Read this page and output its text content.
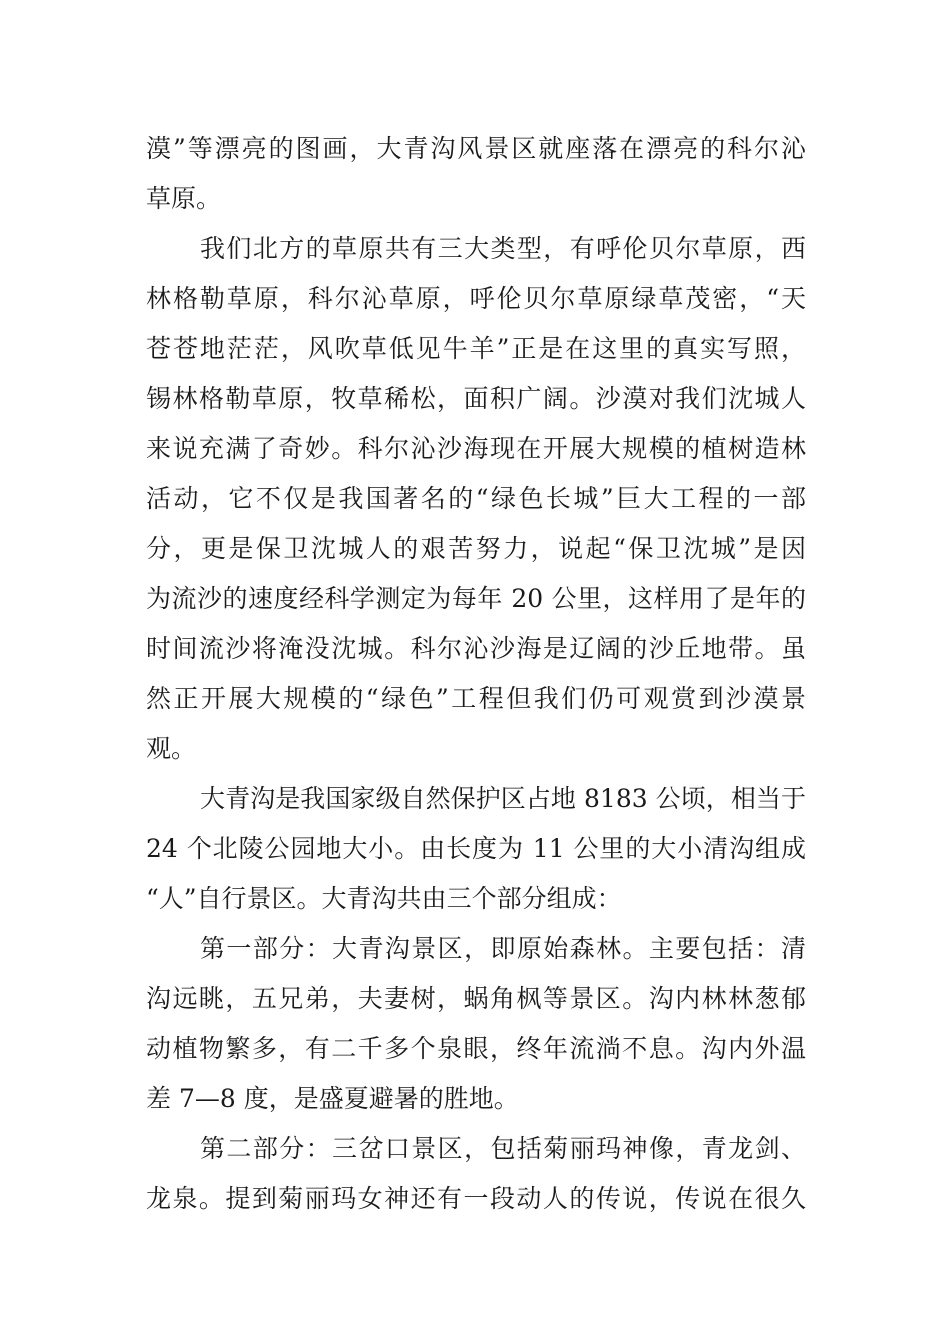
漠”等漂亮的图画，大青沟风景区就座落在漂亮的科尔沁
草原。
我们北方的草原共有三大类型，有呼伦贝尔草原，西
林格勒草原，科尔沁草原，呼伦贝尔草原绿草茂密，“天
苍苍地茫茫，风吹草低见牛羊”正是在这里的真实写照，
锡林格勒草原，牧草稀松，面积广阔。沙漠对我们沈城人
来说充满了奇妙。科尔沁沙海现在开展大规模的植树造林
活动，它不仅是我国著名的“绿色长城”巨大工程的一部
分，更是保卫沈城人的艰苦努力，说起“保卫沈城”是因
为流沙的速度经科学测定为每年 20 公里，这样用了是年的
时间流沙将淹没沈城。科尔沁沙海是辽阔的沙丘地带。虽
然正开展大规模的“绿色”工程但我们仍可观赏到沙漠景
观。
大青沟是我国家级自然保护区占地 8183 公顷，相当于
24 个北陵公园地大小。由长度为 11 公里的大小清沟组成
“人”自行景区。大青沟共由三个部分组成：
第一部分：大青沟景区，即原始森林。主要包括：清
沟远眺，五兄弟，夫妻树，蜗角枫等景区。沟内林林葱郁
动植物繁多，有二千多个泉眼，终年流淌不息。沟内外温
差 7—8 度，是盛夏避暑的胜地。
第二部分：三岔口景区，包括菊丽玛神像，青龙剑、
龙泉。提到菊丽玛女神还有一段动人的传说，传说在很久
